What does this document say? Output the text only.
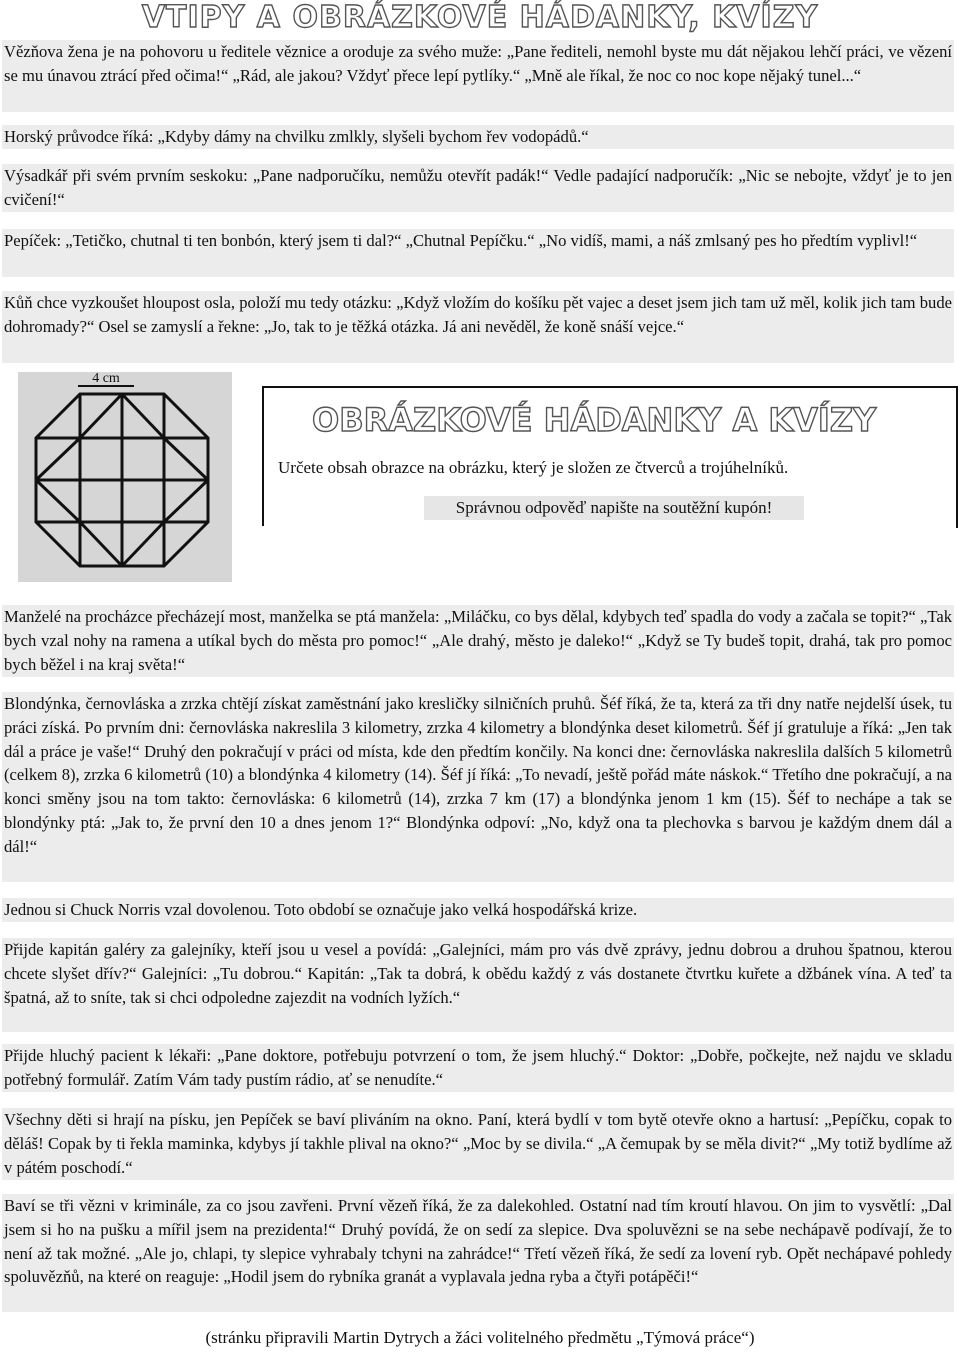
VTIPY A OBRÁZKOVÉ HÁDANKY, KVÍZY
Vězňova žena je na pohovoru u ředitele věznice a oroduje za svého muže: „Pane řediteli, nemohl byste mu dát nějakou lehčí práci, ve vězení se mu únavou ztrácí před očima!“ „Rád, ale jakou? Vždyť přece lepí pytlíky.“ „Mně ale říkal, že noc co noc kope nějaký tunel...“
Horský průvodce říká: „Kdyby dámy na chvilku zmlkly, slyšeli bychom řev vodopádů.“
Výsadkář při svém prvním seskoku: „Pane nadporučíku, nemůžu otevřít padák!“ Vedle padající nadporučík: „Nic se nebojte, vždyť je to jen cvičení!“
Pepíček: „Tetičko, chutnal ti ten bonbón, který jsem ti dal?“ „Chutnal Pepíčku.“ „No vidíš, mami, a náš zmlsaný pes ho předtím vyplivl!“
Kůň chce vyzkoušet hloupost osla, položí mu tedy otázku: „Když vložím do košíku pět vajec a deset jsem jich tam už měl, kolik jich tam bude dohromady?“ Osel se zamyslí a řekne: „Jo, tak to je těžká otázka. Já ani nevěděl, že koně snáší vejce.“
4 cm
OBRÁZKOVÉ HÁDANKY A KVÍZY
Určete obsah obrazce na obrázku, který je složen ze čtverců a trojúhelníků.
Správnou odpověď napište na soutěžní kupón!
Manželé na procházce přecházejí most, manželka se ptá manžela: „Miláčku, co bys dělal, kdybych teď spadla do vody a začala se topit?“ „Tak bych vzal nohy na ramena a utíkal bych do města pro pomoc!“ „Ale drahý, město je daleko!“ „Když se Ty budeš topit, drahá, tak pro pomoc bych běžel i na kraj světa!“
Blondýnka, černovláska a zrzka chtějí získat zaměstnání jako kresličky silničních pruhů. Šéf říká, že ta, která za tři dny natře nejdelší úsek, tu práci získá. Po prvním dni: černovláska nakreslila 3 kilometry, zrzka 4 kilometry a blondýnka deset kilometrů. Šéf jí gratuluje a říká: „Jen tak dál a práce je vaše!“ Druhý den pokračují v práci od místa, kde den předtím končily. Na konci dne: černovláska nakreslila dalších 5 kilometrů (celkem 8), zrzka 6 kilometrů (10) a blondýnka 4 kilometry (14). Šéf jí říká: „To nevadí, ještě pořád máte náskok.“ Třetího dne pokračují, a na konci směny jsou na tom takto: černovláska: 6 kilometrů (14), zrzka 7 km (17) a blondýnka jenom 1 km (15). Šéf to nechápe a tak se blondýnky ptá: „Jak to, že první den 10 a dnes jenom 1?“ Blondýnka odpoví: „No, když ona ta plechovka s barvou je každým dnem dál a dál!“
Jednou si Chuck Norris vzal dovolenou. Toto období se označuje jako velká hospodářská krize.
Přijde kapitán galéry za galejníky, kteří jsou u vesel a povídá: „Galejníci, mám pro vás dvě zprávy, jednu dobrou a druhou špatnou, kterou chcete slyšet dřív?“ Galejníci: „Tu dobrou.“ Kapitán: „Tak ta dobrá, k obědu každý z vás dostanete čtvrtku kuřete a džbánek vína. A teď ta špatná, až to sníte, tak si chci odpoledne zajezdit na vodních lyžích.“
Přijde hluchý pacient k lékaři: „Pane doktore, potřebuju potvrzení o tom, že jsem hluchý.“ Doktor: „Dobře, počkejte, než najdu ve skladu potřebný formulář. Zatím Vám tady pustím rádio, ať se nenudíte.“
Všechny děti si hrají na písku, jen Pepíček se baví pliváním na okno. Paní, která bydlí v tom bytě otevře okno a hartusí: „Pepíčku, copak to děláš! Copak by ti řekla maminka, kdybys jí takhle plival na okno?“ „Moc by se divila.“ „A čemupak by se měla divit?“ „My totiž bydlíme až v pátém poschodí.“
Baví se tři vězni v kriminále, za co jsou zavřeni. První vězeň říká, že za dalekohled. Ostatní nad tím kroutí hlavou. On jim to vysvětlí: „Dal jsem si ho na pušku a mířil jsem na prezidenta!“ Druhý povídá, že on sedí za slepice. Dva spoluvězni se na sebe nechápavě podívají, že to není až tak možné. „Ale jo, chlapi, ty slepice vyhrabaly tchyni na zahrádce!“ Třetí vězeň říká, že sedí za lovení ryb. Opět nechápavé pohledy spoluvězňů, na které on reaguje: „Hodil jsem do rybníka granát a vyplavala jedna ryba a čtyři potápěči!“
(stránku připravili Martin Dytrych a žáci volitelného předmětu „Týmová práce“)
